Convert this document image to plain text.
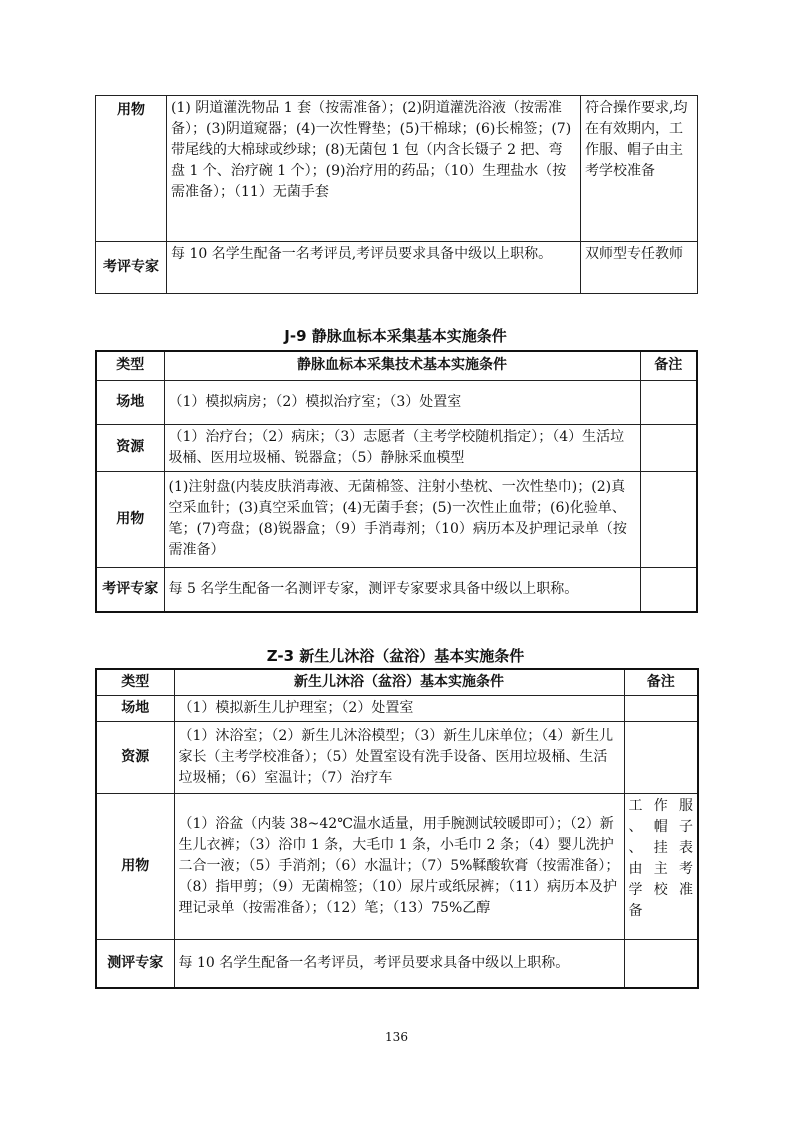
用物	(1) 阴道灌洗物品 1 套（按需准备）；(2)阴道灌洗浴液（按需准备）；(3)阴道窥器；(4)一次性臀垫；(5)干棉球；(6)长棉签；(7)带尾线的大棉球或纱球；(8)无菌包 1 包（内含长镊子 2 把、弯盘 1 个、治疗碗 1 个）；(9)治疗用的药品；（10）生理盐水（按需准备）；（11）无菌手套	符合操作要求,均在有效期内，工作服、帽子由主考学校准备
考评专家	每 10 名学生配备一名考评员,考评员要求具备中级以上职称。	双师型专任教师
J-9 静脉血标本采集基本实施条件
类型	静脉血标本采集技术基本实施条件	备注
场地	（1）模拟病房；（2）模拟治疗室；（3）处置室	
资源	（1）治疗台；（2）病床；（3）志愿者（主考学校随机指定）；（4）生活垃圾桶、医用垃圾桶、锐器盒；（5）静脉采血模型	
用物	(1)注射盘(内装皮肤消毒液、无菌棉签、注射小垫枕、一次性垫巾)；(2)真空采血针；(3)真空采血管；(4)无菌手套；(5)一次性止血带；(6)化验单、笔；(7)弯盘；(8)锐器盒；（9）手消毒剂；（10）病历本及护理记录单（按需准备）	
考评专家	每 5 名学生配备一名测评专家，测评专家要求具备中级以上职称。	
Z-3 新生儿沐浴（盆浴）基本实施条件
类型	新生儿沐浴（盆浴）基本实施条件	备注
场地	（1）模拟新生儿护理室；（2）处置室	
资源	（1）沐浴室；（2）新生儿沐浴模型；（3）新生儿床单位；（4）新生儿家长（主考学校准备）；（5）处置室设有洗手设备、医用垃圾桶、生活垃圾桶；（6）室温计；（7）治疗车	
用物	（1）浴盆（内装 38~42℃温水适量，用手腕测试较暖即可）；（2）新生儿衣裤；（3）浴巾 1 条，大毛巾 1 条，小毛巾 2 条；（4）婴儿洗护二合一液；（5）手消剂；（6）水温计；（7）5%鞣酸软膏（按需准备）；（8）指甲剪；（9）无菌棉签；（10）尿片或纸尿裤；（11）病历本及护理记录单（按需准备）；（12）笔；（13）75%乙醇	工 作 服 、 帽 子 、 挂 表 由 主 考 学 校 准备
测评专家	每 10 名学生配备一名考评员，考评员要求具备中级以上职称。	
136
